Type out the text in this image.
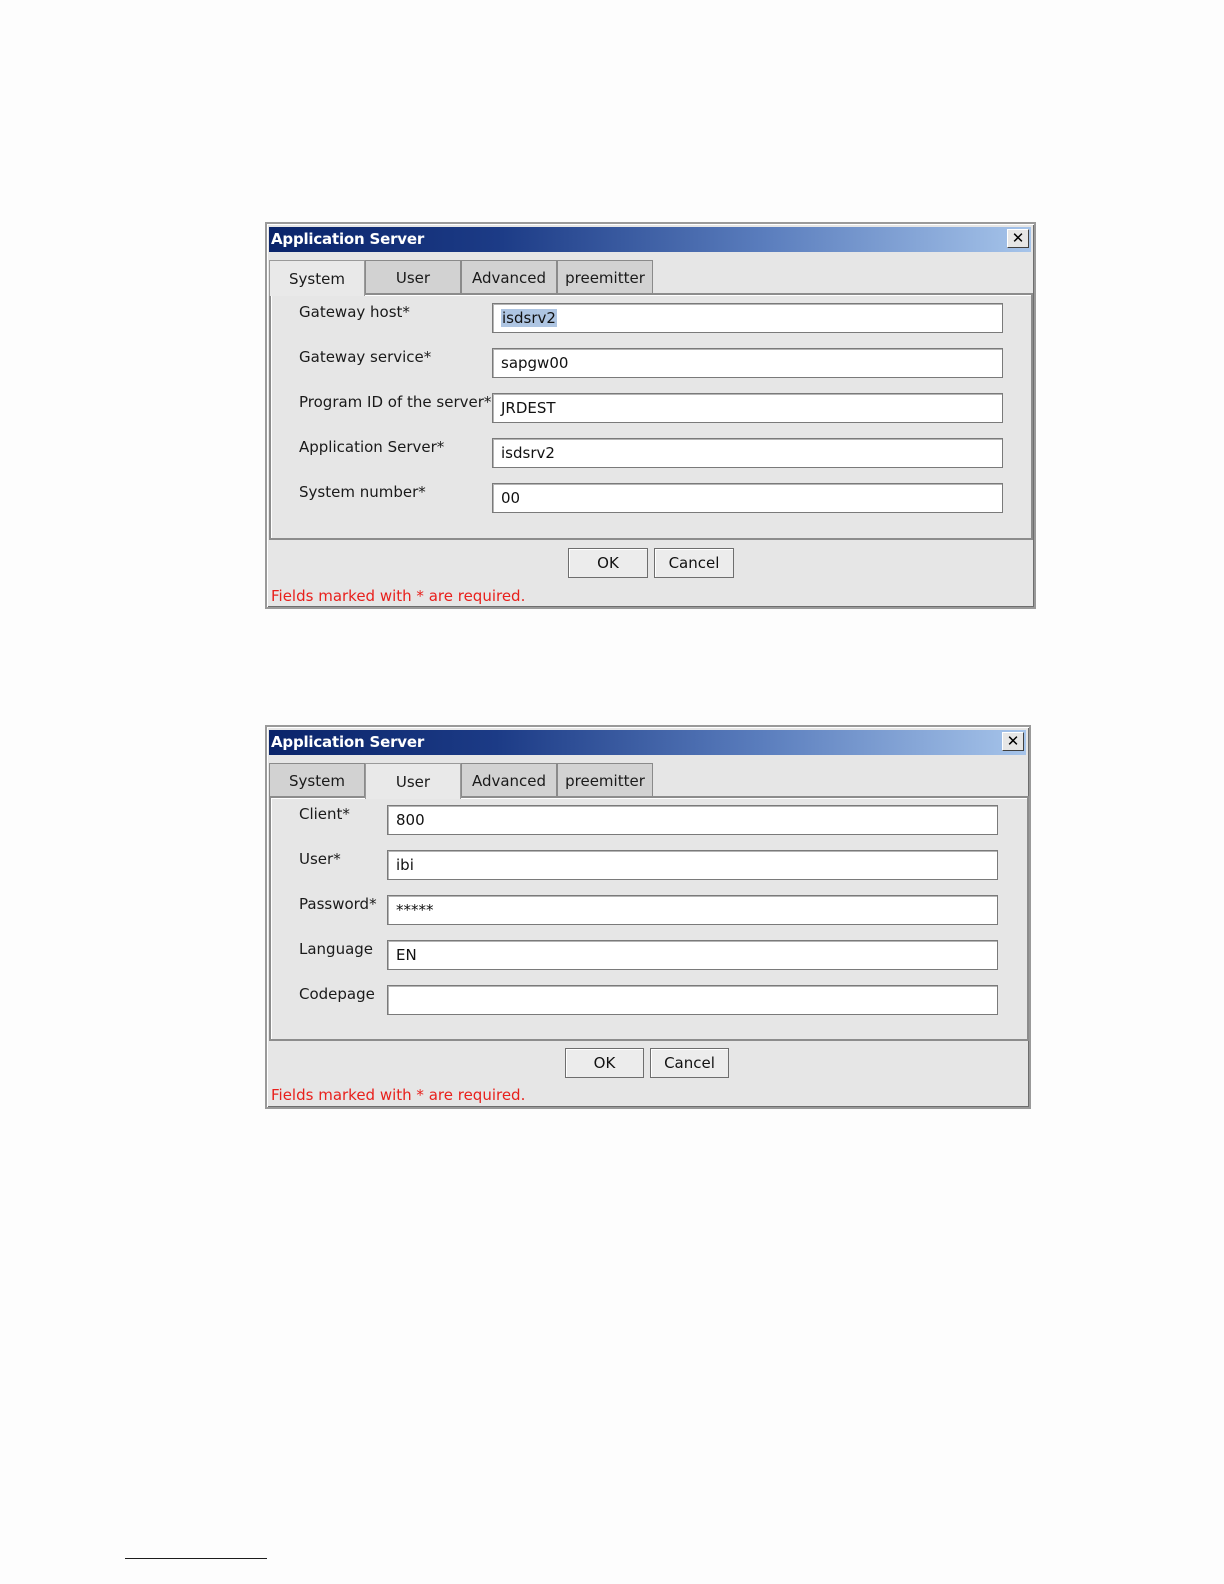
Application Server	✕
System	User	Advanced	preemitter
Gateway host*	isdsrv2
Gateway service*	sapgw00
Program ID of the server* JRDEST
Application Server*	isdsrv2
System number*	00
OK	Cancel
Fields marked with * are required.
Application Server	✕
System	User	Advanced	preemitter
Client*	800
User*	ibi
Password* *****
Language EN
Codepage
OK	Cancel
Fields marked with * are required.
